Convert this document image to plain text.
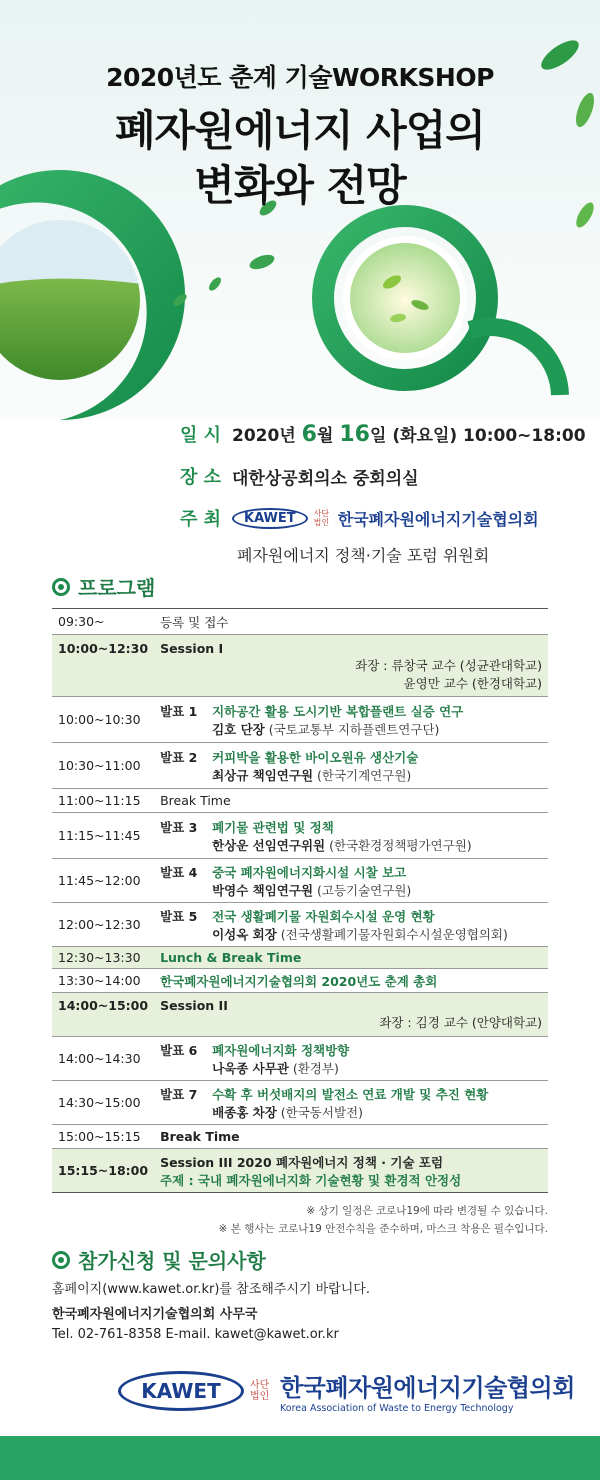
2020년도 춘계 기술WORKSHOP
폐자원에너지 사업의
변화와 전망
일 시 2020년 6월 16일 (화요일) 10:00~18:00
장 소 대한상공회의소 중회의실
주 최	KAWET	사단 법인 한국폐자원에너지기술협의회
폐자원에너지 정책·기술 포럼 위원회
프로그램
09:30~	등록 및 접수
10:00~12:30	Session I
좌장 : 류창국 교수 (성균관대학교)
윤영만 교수 (한경대학교)

10:00~10:30	발표 1 지하공간 활용 도시기반 복합플랜트 실증 연구
김호 단장 (국토교통부 지하플렌트연구단)

10:30~11:00	발표 2 커피박을 활용한 바이오원유 생산기술
최상규 책임연구원 (한국기계연구원)

11:00~11:15	Break Time
11:15~11:45	발표 3 폐기물 관련법 및 정책
한상운 선임연구위원 (한국환경정책평가연구원)

11:45~12:00	발표 4 중국 폐자원에너지화시설 시찰 보고
박영수 책임연구원 (고등기술연구원)

12:00~12:30	발표 5 전국 생활폐기물 자원회수시설 운영 현황
이성옥 회장 (전국생활폐기물자원회수시설운영협의회)

12:30~13:30	Lunch & Break Time
13:30~14:00	한국폐자원에너지기술협의회 2020년도 춘계 총회
14:00~15:00	Session II
좌장 : 김경 교수 (안양대학교)

14:00~14:30	발표 6 폐자원에너지화 정책방향
나욱종 사무관 (환경부)

14:30~15:00	발표 7 수확 후 버섯배지의 발전소 연료 개발 및 추진 현황
배종홍 차장 (한국동서발전)

15:00~15:15	Break Time
15:15~18:00	Session III 2020 폐자원에너지 정책 · 기술 포럼
주제 : 국내 폐자원에너지화 기술현황 및 환경적 안정성
※ 상기 일정은 코로나19에 따라 변경될 수 있습니다.
※ 본 행사는 코로나19 안전수칙을 준수하며, 마스크 착용은 필수입니다.
참가신청 및 문의사항
홈페이지(www.kawet.or.kr)를 참조해주시기 바랍니다.
한국폐자원에너지기술협의회 사무국
Tel. 02-761-8358 E-mail. kawet@kawet.or.kr
KAWET	사단 법인 한국폐자원에너지기술협의회
Korea Association of Waste to Energy Technology
